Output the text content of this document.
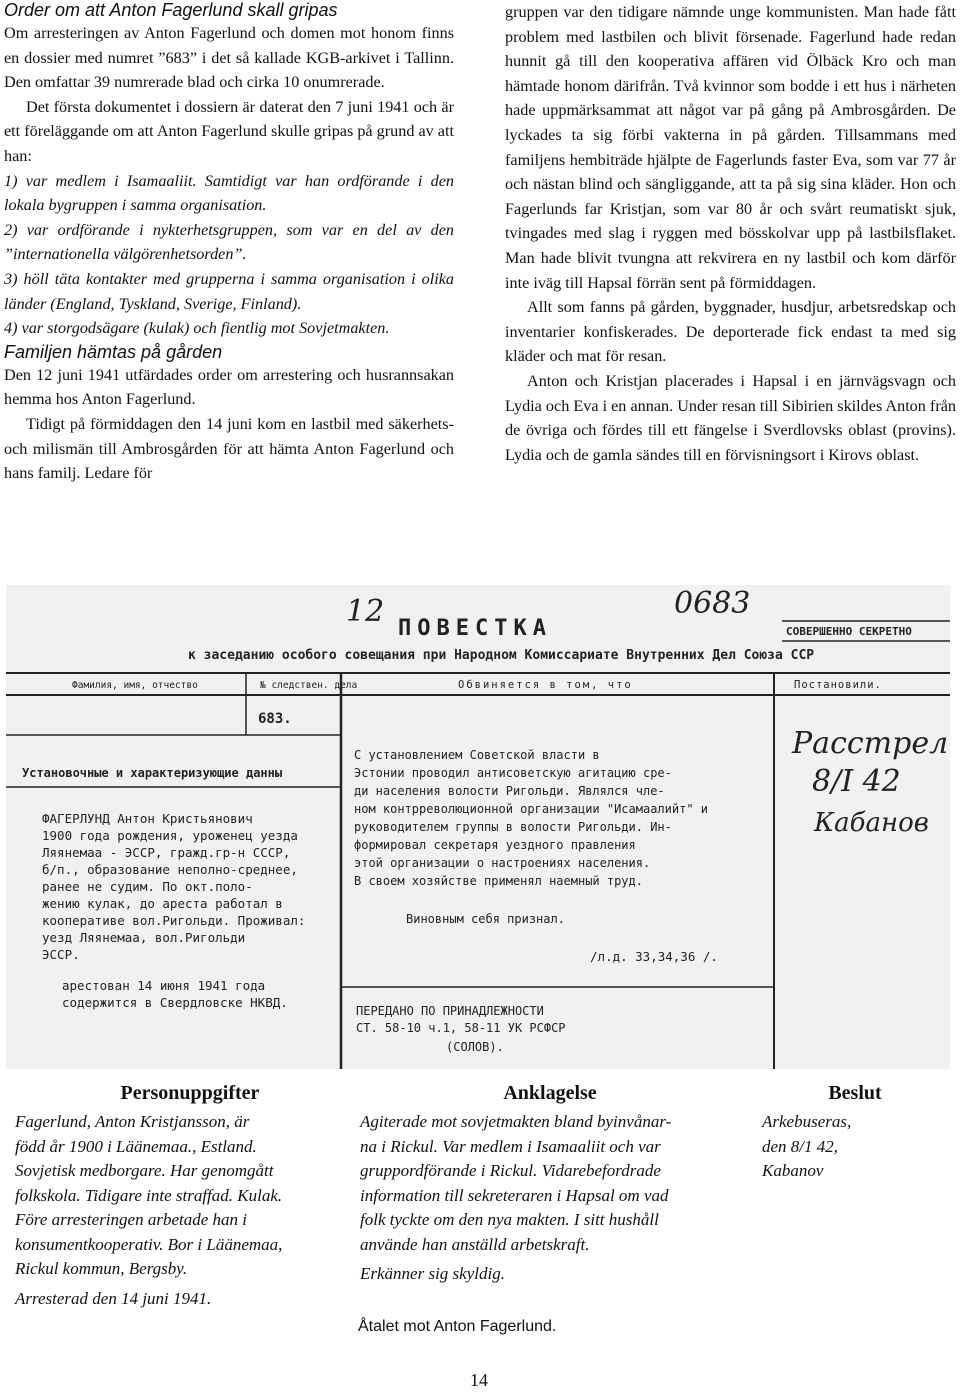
Order om att Anton Fagerlund skall gripas

Om arresteringen av Anton Fagerlund och domen mot honom finns en dossier med numret ”683” i det så kallade KGB-arkivet i Tallinn. Den omfattar 39 numrerade blad och cirka 10 onumrerade.

Det första dokumentet i dossiern är daterat den 7 juni 1941 och är ett föreläggande om att Anton Fagerlund skulle gripas på grund av att han:

1) var medlem i Isamaaliit. Samtidigt var han ordförande i den lokala bygruppen i samma organisation.

2) var ordförande i nykterhetsgruppen, som var en del av den ”internationella välgörenhetsorden”.

3) höll täta kontakter med grupperna i samma organisation i olika länder (England, Tyskland, Sverige, Finland).

4) var storgodsägare (kulak) och fientlig mot Sovjetmakten.

Familjen hämtas på gården

Den 12 juni 1941 utfärdades order om arrestering och husrannsakan hemma hos Anton Fagerlund.

Tidigt på förmiddagen den 14 juni kom en lastbil med säkerhets- och milismän till Ambrosgården för att hämta Anton Fagerlund och hans familj. Ledare för

gruppen var den tidigare nämnde unge kommunisten. Man hade fått problem med lastbilen och blivit försenade. Fagerlund hade redan hunnit gå till den kooperativa affären vid Ölbäck Kro och man hämtade honom därifrån. Två kvinnor som bodde i ett hus i närheten hade uppmärksammat att något var på gång på Ambrosgården. De lyckades ta sig förbi vakterna in på gården. Tillsammans med familjens hembiträde hjälpte de Fagerlunds faster Eva, som var 77 år och nästan blind och sängliggande, att ta på sig sina kläder. Hon och Fagerlunds far Kristjan, som var 80 år och svårt reumatiskt sjuk, tvingades med slag i ryggen med bösskolvar upp på lastbilsflaket. Man hade blivit tvungna att rekvirera en ny lastbil och kom därför inte iväg till Hapsal förrän sent på förmiddagen.

Allt som fanns på gården, byggnader, husdjur, arbetsredskap och inventarier konfiskerades. De deporterade fick endast ta med sig kläder och mat för resan.

Anton och Kristjan placerades i Hapsal i en järnvägsvagn och Lydia och Eva i en annan. Under resan till Sibirien skildes Anton från de övriga och fördes till ett fängelse i Sverdlovsks oblast (provins). Lydia och de gamla sändes till en förvisningsort i Kirovs oblast.

12	0683
ПОВЕСТКА	СОВЕРШЕННО СЕКРЕТНО
к заседанию особого совещания при Народном Комиссариате Внутренних Дел Союза ССР
Фамилия, имя, отчество	№ следствен. дела	Обвиняется в том, что	Постановили.
683.
Установочные и характеризующие данны
ФАГЕРЛУНД Антон Кристьянович
1900 года рождения, уроженец уезда
Ляянемаа - ЭССР, гражд.гр-н СССР,
б/п., образование неполно-среднее,
ранее не судим. По окт.поло-
жению кулак, до ареста работал в
кооперативе вол.Ригольди. Проживал:
уезд Ляянемаа, вол.Ригольди
ЭССР.
арестован 14 июня 1941 года
содержится в Свердловске НКВД.
С установлением Советской власти в
Эстонии проводил антисоветскую агитацию сре-
ди населения волости Ригольди. Являлся чле-
ном контрреволюционной организации "Исамаалийт" и
руководителем группы в волости Ригольди. Ин-
формировал секретаря уездного правления
этой организации о настроениях населения.
В своем хозяйстве применял наемный труд.
Виновным себя признал.
/л.д. 33,34,36 /.
ПЕРЕДАНО ПО ПРИНАДЛЕЖНОСТИ
СТ. 58-10 ч.1, 58-11 УК РСФСР
(СОЛОВ).
Расстрел
8/I 42
Кабанов
Personuppgifter
Fagerlund, Anton Kristjansson, är
född år 1900 i Läänemaa., Estland.
Sovjetisk medborgare. Har genomgått
folkskola. Tidigare inte straffad. Kulak.
Före arresteringen arbetade han i
konsumentkooperativ. Bor i Läänemaa,
Rickul kommun, Bergsby.
Arresterad den 14 juni 1941.
Anklagelse
Agiterade mot sovjetmakten bland byinvånar-
na i Rickul. Var medlem i Isamaaliit och var
gruppordförande i Rickul. Vidarebefordrade
information till sekreteraren i Hapsal om vad
folk tyckte om den nya makten. I sitt hushåll
använde han anställd arbetskraft.
Erkänner sig skyldig.
Beslut
Arkebuseras,
den 8/1 42,
Kabanov
Åtalet mot Anton Fagerlund.
14
